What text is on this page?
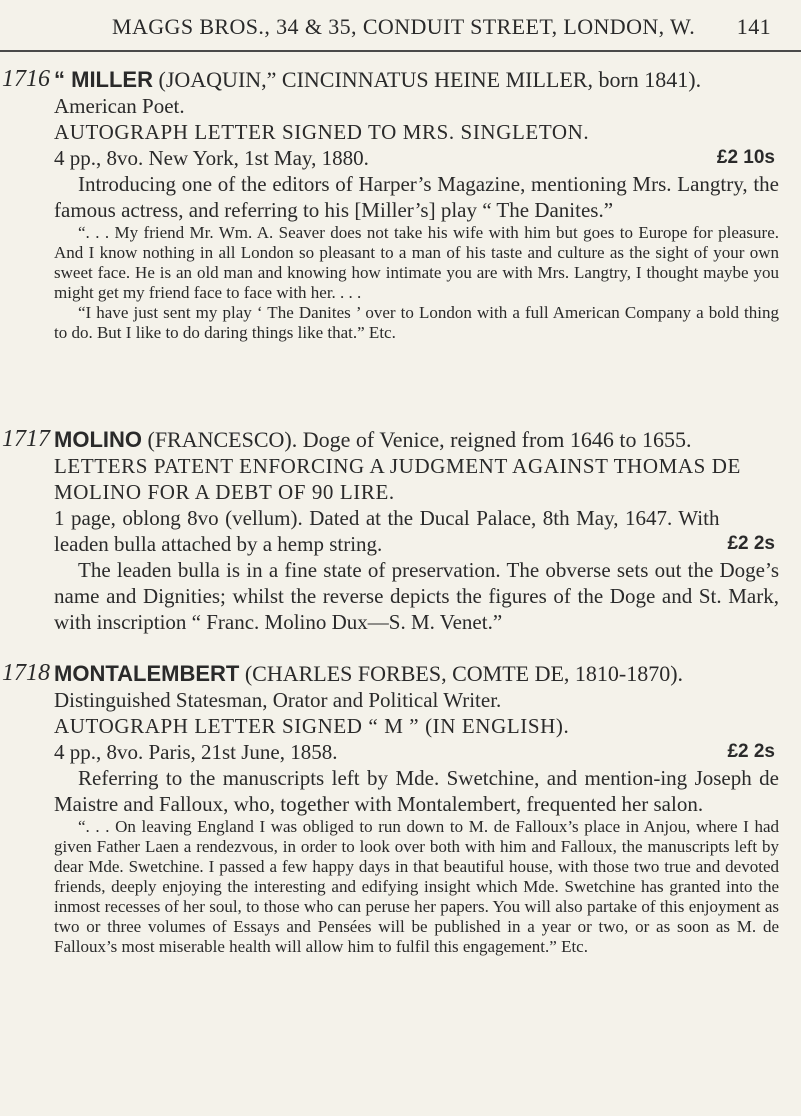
MAGGS BROS., 34 & 35, CONDUIT STREET, LONDON, W. 141
1716 “ MILLER (JOAQUIN,” CINCINNATUS HEINE MILLER, born 1841).

American Poet.

AUTOGRAPH LETTER SIGNED TO MRS. SINGLETON.

4 pp., 8vo. New York, 1st May, 1880.	£2 10s

Introducing one of the editors of Harper’s Magazine, mentioning Mrs. Langtry, the famous actress, and referring to his [Miller’s] play “ The Danites.”

“. . . My friend Mr. Wm. A. Seaver does not take his wife with him but goes to Europe for pleasure. And I know nothing in all London so pleasant to a man of his taste and culture as the sight of your own sweet face. He is an old man and knowing how intimate you are with Mrs. Langtry, I thought maybe you might get my friend face to face with her. . . .

“I have just sent my play ‘ The Danites ’ over to London with a full American Company a bold thing to do. But I like to do daring things like that.” Etc.

1717 MOLINO (FRANCESCO). Doge of Venice, reigned from 1646 to 1655.

LETTERS PATENT ENFORCING A JUDGMENT AGAINST THOMAS DE MOLINO FOR A DEBT OF 90 LIRE.

1 page, oblong 8vo (vellum). Dated at the Ducal Palace, 8th May, 1647. With leaden bulla attached by a hemp string.	£2 2s

The leaden bulla is in a fine state of preservation. The obverse sets out the Doge’s name and Dignities; whilst the reverse depicts the figures of the Doge and St. Mark, with inscription “ Franc. Molino Dux—S. M. Venet.”

1718 MONTALEMBERT (CHARLES FORBES, COMTE DE, 1810-1870).

Distinguished Statesman, Orator and Political Writer.

AUTOGRAPH LETTER SIGNED “ M ” (IN ENGLISH).

4 pp., 8vo. Paris, 21st June, 1858.	£2 2s

Referring to the manuscripts left by Mde. Swetchine, and mention-ing Joseph de Maistre and Falloux, who, together with Montalembert, frequented her salon.

“. . . On leaving England I was obliged to run down to M. de Falloux’s place in Anjou, where I had given Father Laen a rendezvous, in order to look over both with him and Falloux, the manuscripts left by dear Mde. Swetchine. I passed a few happy days in that beautiful house, with those two true and devoted friends, deeply enjoying the interesting and edifying insight which Mde. Swetchine has granted into the inmost recesses of her soul, to those who can peruse her papers. You will also partake of this enjoyment as two or three volumes of Essays and Pensées will be published in a year or two, or as soon as M. de Falloux’s most miserable health will allow him to fulfil this engagement.” Etc.
